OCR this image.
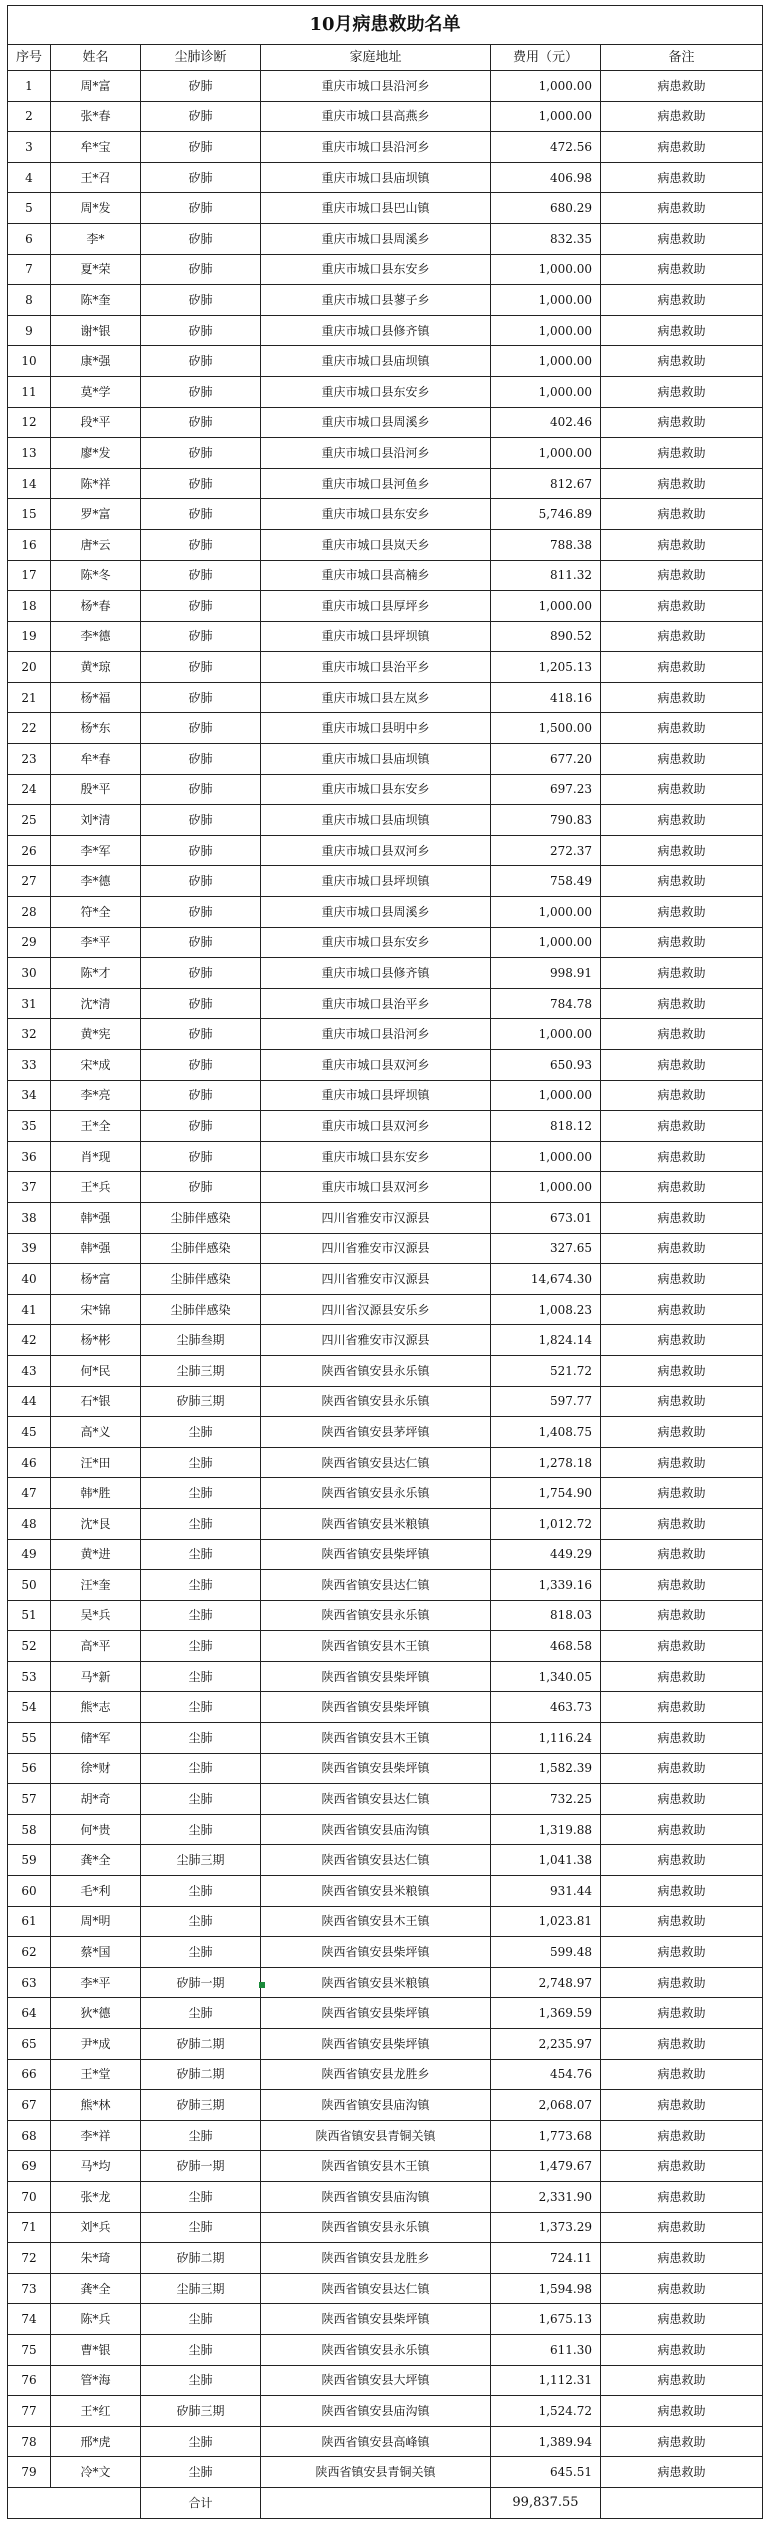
10月病患救助名单					
序号	姓名	尘肺诊断	家庭地址	费用（元）	备注
1	周*富	矽肺	重庆市城口县沿河乡	1,000.00	病患救助
2	张*春	矽肺	重庆市城口县高燕乡	1,000.00	病患救助
3	牟*宝	矽肺	重庆市城口县沿河乡	472.56	病患救助
4	王*召	矽肺	重庆市城口县庙坝镇	406.98	病患救助
5	周*发	矽肺	重庆市城口县巴山镇	680.29	病患救助
6	李*	矽肺	重庆市城口县周溪乡	832.35	病患救助
7	夏*荣	矽肺	重庆市城口县东安乡	1,000.00	病患救助
8	陈*奎	矽肺	重庆市城口县蓼子乡	1,000.00	病患救助
9	谢*银	矽肺	重庆市城口县修齐镇	1,000.00	病患救助
10	康*强	矽肺	重庆市城口县庙坝镇	1,000.00	病患救助
11	莫*学	矽肺	重庆市城口县东安乡	1,000.00	病患救助
12	段*平	矽肺	重庆市城口县周溪乡	402.46	病患救助
13	廖*发	矽肺	重庆市城口县沿河乡	1,000.00	病患救助
14	陈*祥	矽肺	重庆市城口县河鱼乡	812.67	病患救助
15	罗*富	矽肺	重庆市城口县东安乡	5,746.89	病患救助
16	唐*云	矽肺	重庆市城口县岚天乡	788.38	病患救助
17	陈*冬	矽肺	重庆市城口县高楠乡	811.32	病患救助
18	杨*春	矽肺	重庆市城口县厚坪乡	1,000.00	病患救助
19	李*德	矽肺	重庆市城口县坪坝镇	890.52	病患救助
20	黄*琼	矽肺	重庆市城口县治平乡	1,205.13	病患救助
21	杨*福	矽肺	重庆市城口县左岚乡	418.16	病患救助
22	杨*东	矽肺	重庆市城口县明中乡	1,500.00	病患救助
23	牟*春	矽肺	重庆市城口县庙坝镇	677.20	病患救助
24	殷*平	矽肺	重庆市城口县东安乡	697.23	病患救助
25	刘*清	矽肺	重庆市城口县庙坝镇	790.83	病患救助
26	李*军	矽肺	重庆市城口县双河乡	272.37	病患救助
27	李*德	矽肺	重庆市城口县坪坝镇	758.49	病患救助
28	符*全	矽肺	重庆市城口县周溪乡	1,000.00	病患救助
29	李*平	矽肺	重庆市城口县东安乡	1,000.00	病患救助
30	陈*才	矽肺	重庆市城口县修齐镇	998.91	病患救助
31	沈*清	矽肺	重庆市城口县治平乡	784.78	病患救助
32	黄*宪	矽肺	重庆市城口县沿河乡	1,000.00	病患救助
33	宋*成	矽肺	重庆市城口县双河乡	650.93	病患救助
34	李*亮	矽肺	重庆市城口县坪坝镇	1,000.00	病患救助
35	王*全	矽肺	重庆市城口县双河乡	818.12	病患救助
36	肖*现	矽肺	重庆市城口县东安乡	1,000.00	病患救助
37	王*兵	矽肺	重庆市城口县双河乡	1,000.00	病患救助
38	韩*强	尘肺伴感染	四川省雅安市汉源县	673.01	病患救助
39	韩*强	尘肺伴感染	四川省雅安市汉源县	327.65	病患救助
40	杨*富	尘肺伴感染	四川省雅安市汉源县	14,674.30	病患救助
41	宋*锦	尘肺伴感染	四川省汉源县安乐乡	1,008.23	病患救助
42	杨*彬	尘肺叁期	四川省雅安市汉源县	1,824.14	病患救助
43	何*民	尘肺三期	陕西省镇安县永乐镇	521.72	病患救助
44	石*银	矽肺三期	陕西省镇安县永乐镇	597.77	病患救助
45	高*义	尘肺	陕西省镇安县茅坪镇	1,408.75	病患救助
46	汪*田	尘肺	陕西省镇安县达仁镇	1,278.18	病患救助
47	韩*胜	尘肺	陕西省镇安县永乐镇	1,754.90	病患救助
48	沈*艮	尘肺	陕西省镇安县米粮镇	1,012.72	病患救助
49	黄*进	尘肺	陕西省镇安县柴坪镇	449.29	病患救助
50	汪*奎	尘肺	陕西省镇安县达仁镇	1,339.16	病患救助
51	吴*兵	尘肺	陕西省镇安县永乐镇	818.03	病患救助
52	高*平	尘肺	陕西省镇安县木王镇	468.58	病患救助
53	马*新	尘肺	陕西省镇安县柴坪镇	1,340.05	病患救助
54	熊*志	尘肺	陕西省镇安县柴坪镇	463.73	病患救助
55	储*军	尘肺	陕西省镇安县木王镇	1,116.24	病患救助
56	徐*财	尘肺	陕西省镇安县柴坪镇	1,582.39	病患救助
57	胡*奇	尘肺	陕西省镇安县达仁镇	732.25	病患救助
58	何*贵	尘肺	陕西省镇安县庙沟镇	1,319.88	病患救助
59	龚*全	尘肺三期	陕西省镇安县达仁镇	1,041.38	病患救助
60	毛*利	尘肺	陕西省镇安县米粮镇	931.44	病患救助
61	周*明	尘肺	陕西省镇安县木王镇	1,023.81	病患救助
62	蔡*国	尘肺	陕西省镇安县柴坪镇	599.48	病患救助
63	李*平	矽肺一期	陕西省镇安县米粮镇	2,748.97	病患救助
64	狄*德	尘肺	陕西省镇安县柴坪镇	1,369.59	病患救助
65	尹*成	矽肺二期	陕西省镇安县柴坪镇	2,235.97	病患救助
66	王*堂	矽肺二期	陕西省镇安县龙胜乡	454.76	病患救助
67	熊*林	矽肺三期	陕西省镇安县庙沟镇	2,068.07	病患救助
68	李*祥	尘肺	陕西省镇安县青铜关镇	1,773.68	病患救助
69	马*均	矽肺一期	陕西省镇安县木王镇	1,479.67	病患救助
70	张*龙	尘肺	陕西省镇安县庙沟镇	2,331.90	病患救助
71	刘*兵	尘肺	陕西省镇安县永乐镇	1,373.29	病患救助
72	朱*琦	矽肺二期	陕西省镇安县龙胜乡	724.11	病患救助
73	龚*全	尘肺三期	陕西省镇安县达仁镇	1,594.98	病患救助
74	陈*兵	尘肺	陕西省镇安县柴坪镇	1,675.13	病患救助
75	曹*银	尘肺	陕西省镇安县永乐镇	611.30	病患救助
76	管*海	尘肺	陕西省镇安县大坪镇	1,112.31	病患救助
77	王*红	矽肺三期	陕西省镇安县庙沟镇	1,524.72	病患救助
78	邢*虎	尘肺	陕西省镇安县高峰镇	1,389.94	病患救助
79	冷*文	尘肺	陕西省镇安县青铜关镇	645.51	病患救助
		合计		99,837.55	
